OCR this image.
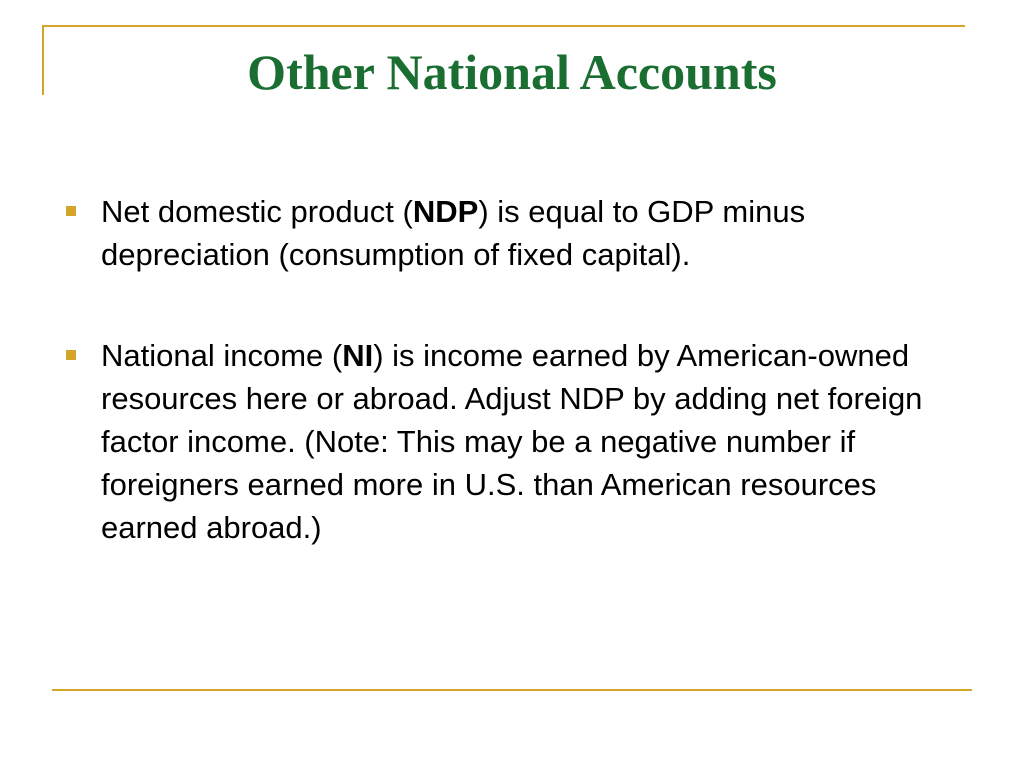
Other National Accounts
Net domestic product (NDP) is equal to GDP minus depreciation (consumption of fixed capital).
National income (NI) is income earned by American-owned resources here or abroad. Adjust NDP by adding net foreign factor income. (Note: This may be a negative number if foreigners earned more in U.S. than American resources earned abroad.)
